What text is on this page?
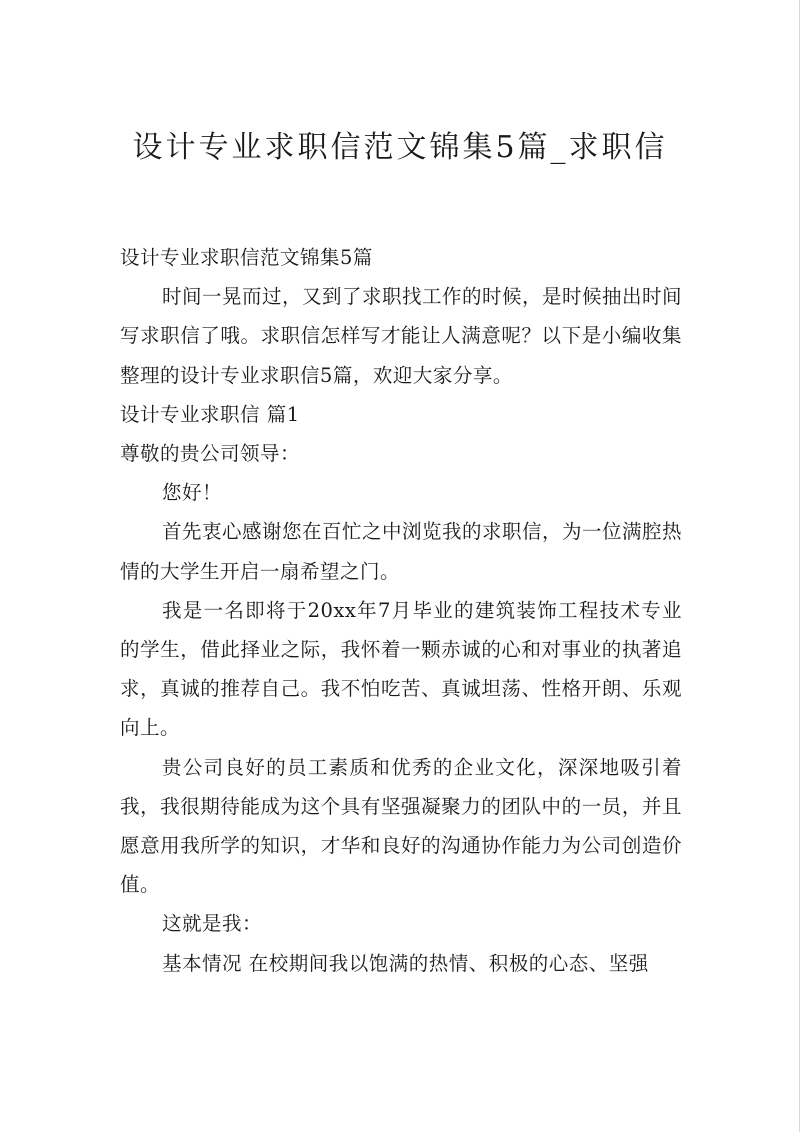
设计专业求职信范文锦集5篇_求职信

设计专业求职信范文锦集5篇

时间一晃而过，又到了求职找工作的时候，是时候抽出时间写求职信了哦。求职信怎样写才能让人满意呢？以下是小编收集整理的设计专业求职信5篇，欢迎大家分享。

设计专业求职信 篇1

尊敬的贵公司领导：

您好！

首先衷心感谢您在百忙之中浏览我的求职信，为一位满腔热情的大学生开启一扇希望之门。

我是一名即将于20xx年7月毕业的建筑装饰工程技术专业的学生，借此择业之际，我怀着一颗赤诚的心和对事业的执著追求，真诚的推荐自己。我不怕吃苦、真诚坦荡、性格开朗、乐观向上。

贵公司良好的员工素质和优秀的企业文化，深深地吸引着我，我很期待能成为这个具有坚强凝聚力的团队中的一员，并且愿意用我所学的知识，才华和良好的沟通协作能力为公司创造价值。

这就是我：

基本情况 在校期间我以饱满的热情、积极的心态、坚强
